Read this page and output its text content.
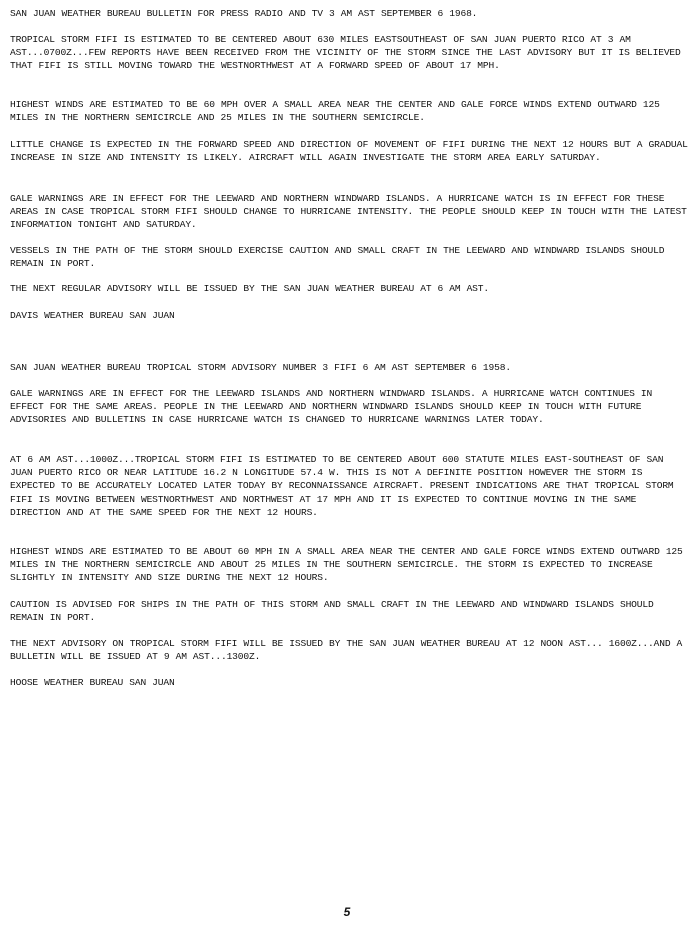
SAN JUAN WEATHER BUREAU BULLETIN FOR PRESS RADIO AND TV 3 AM AST SEPTEMBER 6 1968.

TROPICAL STORM FIFI IS ESTIMATED TO BE CENTERED ABOUT 630 MILES EASTSOUTHEAST OF SAN JUAN PUERTO RICO AT 3 AM AST...0700Z...FEW REPORTS HAVE BEEN RECEIVED FROM THE VICINITY OF THE STORM SINCE THE LAST ADVISORY BUT IT IS BELIEVED THAT FIFI IS STILL MOVING TOWARD THE WESTNORTHWEST AT A FORWARD SPEED OF ABOUT 17 MPH.

HIGHEST WINDS ARE ESTIMATED TO BE 60 MPH OVER A SMALL AREA NEAR THE CENTER AND GALE FORCE WINDS EXTEND OUTWARD 125 MILES IN THE NORTHERN SEMICIRCLE AND 25 MILES IN THE SOUTHERN SEMICIRCLE.

LITTLE CHANGE IS EXPECTED IN THE FORWARD SPEED AND DIRECTION OF MOVEMENT OF FIFI DURING THE NEXT 12 HOURS BUT A GRADUAL INCREASE IN SIZE AND INTENSITY IS LIKELY. AIRCRAFT WILL AGAIN INVESTIGATE THE STORM AREA EARLY SATURDAY.

GALE WARNINGS ARE IN EFFECT FOR THE LEEWARD AND NORTHERN WINDWARD ISLANDS. A HURRICANE WATCH IS IN EFFECT FOR THESE AREAS IN CASE TROPICAL STORM FIFI SHOULD CHANGE TO HURRICANE INTENSITY. THE PEOPLE SHOULD KEEP IN TOUCH WITH THE LATEST INFORMATION TONIGHT AND SATURDAY.

VESSELS IN THE PATH OF THE STORM SHOULD EXERCISE CAUTION AND SMALL CRAFT IN THE LEEWARD AND WINDWARD ISLANDS SHOULD REMAIN IN PORT.

THE NEXT REGULAR ADVISORY WILL BE ISSUED BY THE SAN JUAN WEATHER BUREAU AT 6 AM AST.

DAVIS WEATHER BUREAU SAN JUAN

SAN JUAN WEATHER BUREAU TROPICAL STORM ADVISORY NUMBER 3 FIFI 6 AM AST SEPTEMBER 6 1958.

GALE WARNINGS ARE IN EFFECT FOR THE LEEWARD ISLANDS AND NORTHERN WINDWARD ISLANDS. A HURRICANE WATCH CONTINUES IN EFFECT FOR THE SAME AREAS. PEOPLE IN THE LEEWARD AND NORTHERN WINDWARD ISLANDS SHOULD KEEP IN TOUCH WITH FUTURE ADVISORIES AND BULLETINS IN CASE HURRICANE WATCH IS CHANGED TO HURRICANE WARNINGS LATER TODAY.

AT 6 AM AST...1000Z...TROPICAL STORM FIFI IS ESTIMATED TO BE CENTERED ABOUT 600 STATUTE MILES EAST-SOUTHEAST OF SAN JUAN PUERTO RICO OR NEAR LATITUDE 16.2 N LONGITUDE 57.4 W. THIS IS NOT A DEFINITE POSITION HOWEVER THE STORM IS EXPECTED TO BE ACCURATELY LOCATED LATER TODAY BY RECONNAISSANCE AIRCRAFT. PRESENT INDICATIONS ARE THAT TROPICAL STORM FIFI IS MOVING BETWEEN WESTNORTHWEST AND NORTHWEST AT 17 MPH AND IT IS EXPECTED TO CONTINUE MOVING IN THE SAME DIRECTION AND AT THE SAME SPEED FOR THE NEXT 12 HOURS.

HIGHEST WINDS ARE ESTIMATED TO BE ABOUT 60 MPH IN A SMALL AREA NEAR THE CENTER AND GALE FORCE WINDS EXTEND OUTWARD 125 MILES IN THE NORTHERN SEMICIRCLE AND ABOUT 25 MILES IN THE SOUTHERN SEMICIRCLE. THE STORM IS EXPECTED TO INCREASE SLIGHTLY IN INTENSITY AND SIZE DURING THE NEXT 12 HOURS.

CAUTION IS ADVISED FOR SHIPS IN THE PATH OF THIS STORM AND SMALL CRAFT IN THE LEEWARD AND WINDWARD ISLANDS SHOULD REMAIN IN PORT.

THE NEXT ADVISORY ON TROPICAL STORM FIFI WILL BE ISSUED BY THE SAN JUAN WEATHER BUREAU AT 12 NOON AST... 1600Z...AND A BULLETIN WILL BE ISSUED AT 9 AM AST...1300Z.

HOOSE WEATHER BUREAU SAN JUAN

5
